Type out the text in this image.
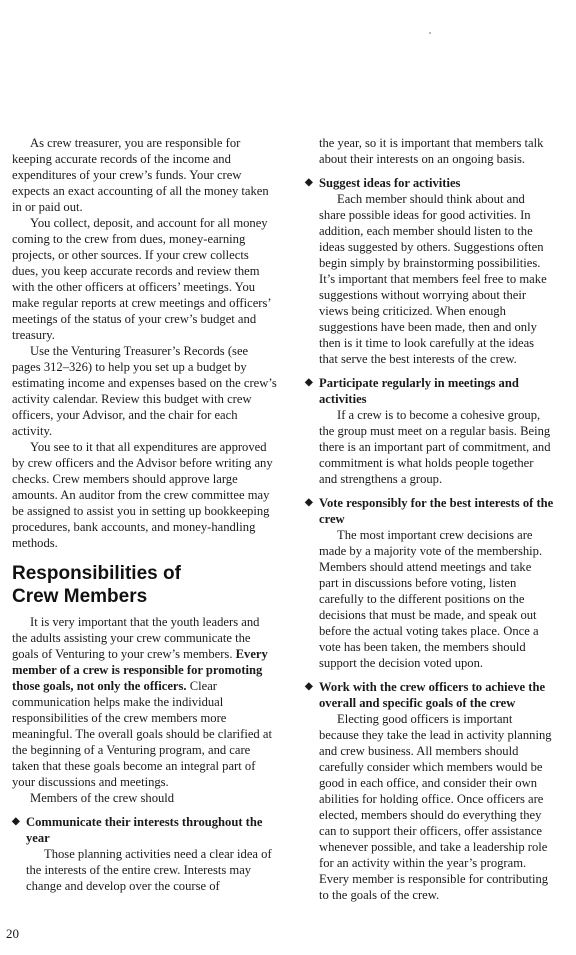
As crew treasurer, you are responsible for keeping accurate records of the income and expenditures of your crew’s funds. Your crew expects an exact accounting of all the money taken in or paid out.

You collect, deposit, and account for all money coming to the crew from dues, money-earning projects, or other sources. If your crew collects dues, you keep accurate records and review them with the other officers at officers’ meetings. You make regular reports at crew meetings and officers’ meetings of the status of your crew’s budget and treasury.

Use the Venturing Treasurer’s Records (see pages 312–326) to help you set up a budget by estimating income and expenses based on the crew’s activity calendar. Review this budget with crew officers, your Advisor, and the chair for each activity.

You see to it that all expenditures are approved by crew officers and the Advisor before writing any checks. Crew members should approve large amounts. An auditor from the crew committee may be assigned to assist you in setting up bookkeeping procedures, bank accounts, and money-handling methods.

Responsibilities of
Crew Members

It is very important that the youth leaders and the adults assisting your crew communicate the goals of Venturing to your crew’s members. Every member of a crew is responsible for promoting those goals, not only the officers. Clear communication helps make the individual responsibilities of the crew members more meaningful. The overall goals should be clarified at the beginning of a Venturing program, and care taken that these goals become an integral part of your discussions and meetings.

Members of the crew should

◆ Communicate their interests throughout the year

Those planning activities need a clear idea of the interests of the entire crew. Interests may change and develop over the course of

the year, so it is important that members talk about their interests on an ongoing basis.

◆ Suggest ideas for activities

Each member should think about and share possible ideas for good activities. In addition, each member should listen to the ideas suggested by others. Suggestions often begin simply by brainstorming possibilities. It’s important that members feel free to make suggestions without worrying about their views being criticized. When enough suggestions have been made, then and only then is it time to look carefully at the ideas that serve the best interests of the crew.

◆ Participate regularly in meetings and activities

If a crew is to become a cohesive group, the group must meet on a regular basis. Being there is an important part of commitment, and commitment is what holds people together and strengthens a group.

◆ Vote responsibly for the best interests of the crew

The most important crew decisions are made by a majority vote of the membership. Members should attend meetings and take part in discussions before voting, listen carefully to the different positions on the decisions that must be made, and speak out before the actual voting takes place. Once a vote has been taken, the members should support the decision voted upon.

◆ Work with the crew officers to achieve the overall and specific goals of the crew

Electing good officers is important because they take the lead in activity planning and crew business. All members should carefully consider which members would be good in each office, and consider their own abilities for holding office. Once officers are elected, members should do everything they can to support their officers, offer assistance whenever possible, and take a leadership role for an activity within the year’s program. Every member is responsible for contributing to the goals of the crew.

20
